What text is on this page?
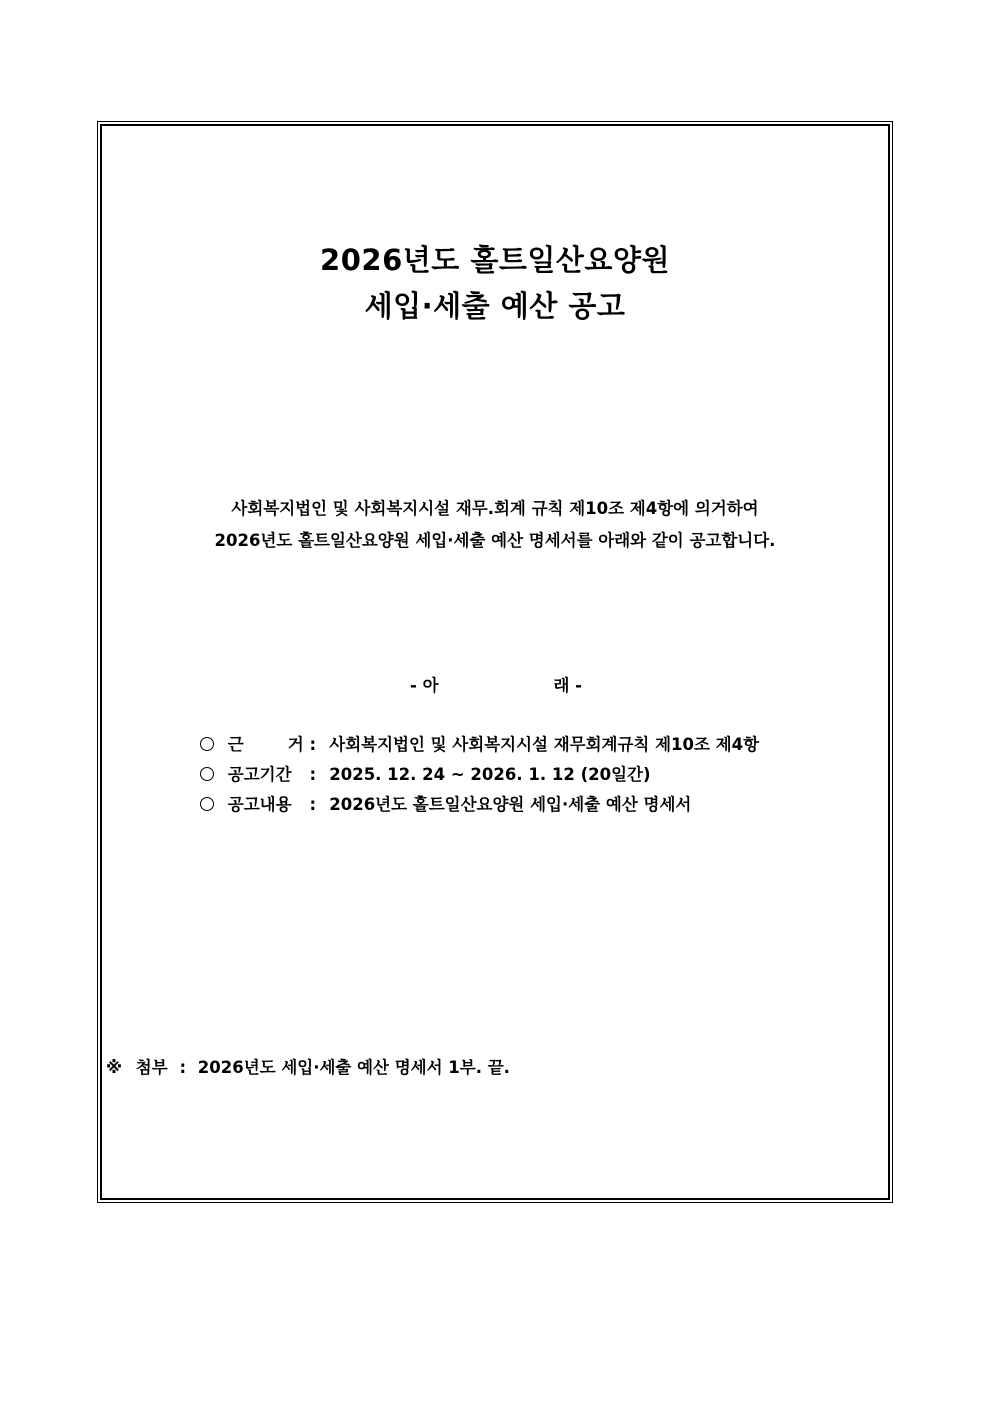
2026년도 홀트일산요양원
세입·세출 예산 공고
사회복지법인 및 사회복지시설 재무.회계 규칙 제10조 제4항에 의거하여
2026년도 홀트일산요양원 세입·세출 예산 명세서를 아래와 같이 공고합니다.
- 아	래 -

근	거 : 사회복지법인 및 사회복지시설 재무회계규칙 제10조 제4항
공고기간 : 2025. 12. 24 ~ 2026. 1. 12 (20일간)
공고내용 : 2026년도 홀트일산요양원 세입·세출 예산 명세서
※ 첨부 : 2026년도 세입·세출 예산 명세서 1부. 끝.
